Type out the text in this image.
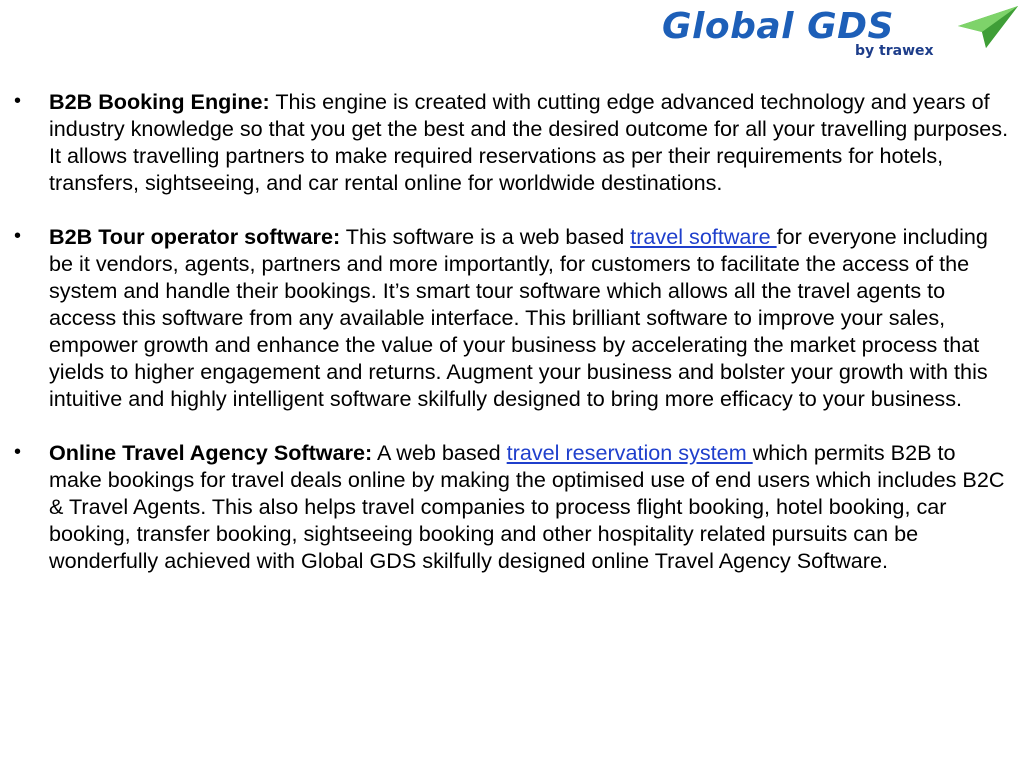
Global GDS
by trawex
• B2B Booking Engine: This engine is created with cutting edge advanced technology and years of industry knowledge so that you get the best and the desired outcome for all your travelling purposes. It allows travelling partners to make required reservations as per their requirements for hotels, transfers, sightseeing, and car rental online for worldwide destinations.
• B2B Tour operator software: This software is a web based travel software for everyone including be it vendors, agents, partners and more importantly, for customers to facilitate the access of the system and handle their bookings. It’s smart tour software which allows all the travel agents to access this software from any available interface. This brilliant software to improve your sales, empower growth and enhance the value of your business by accelerating the market process that yields to higher engagement and returns. Augment your business and bolster your growth with this intuitive and highly intelligent software skilfully designed to bring more efficacy to your business.
• Online Travel Agency Software: A web based travel reservation system which permits B2B to make bookings for travel deals online by making the optimised use of end users which includes B2C & Travel Agents. This also helps travel companies to process flight booking, hotel booking, car booking, transfer booking, sightseeing booking and other hospitality related pursuits can be wonderfully achieved with Global GDS skilfully designed online Travel Agency Software.
